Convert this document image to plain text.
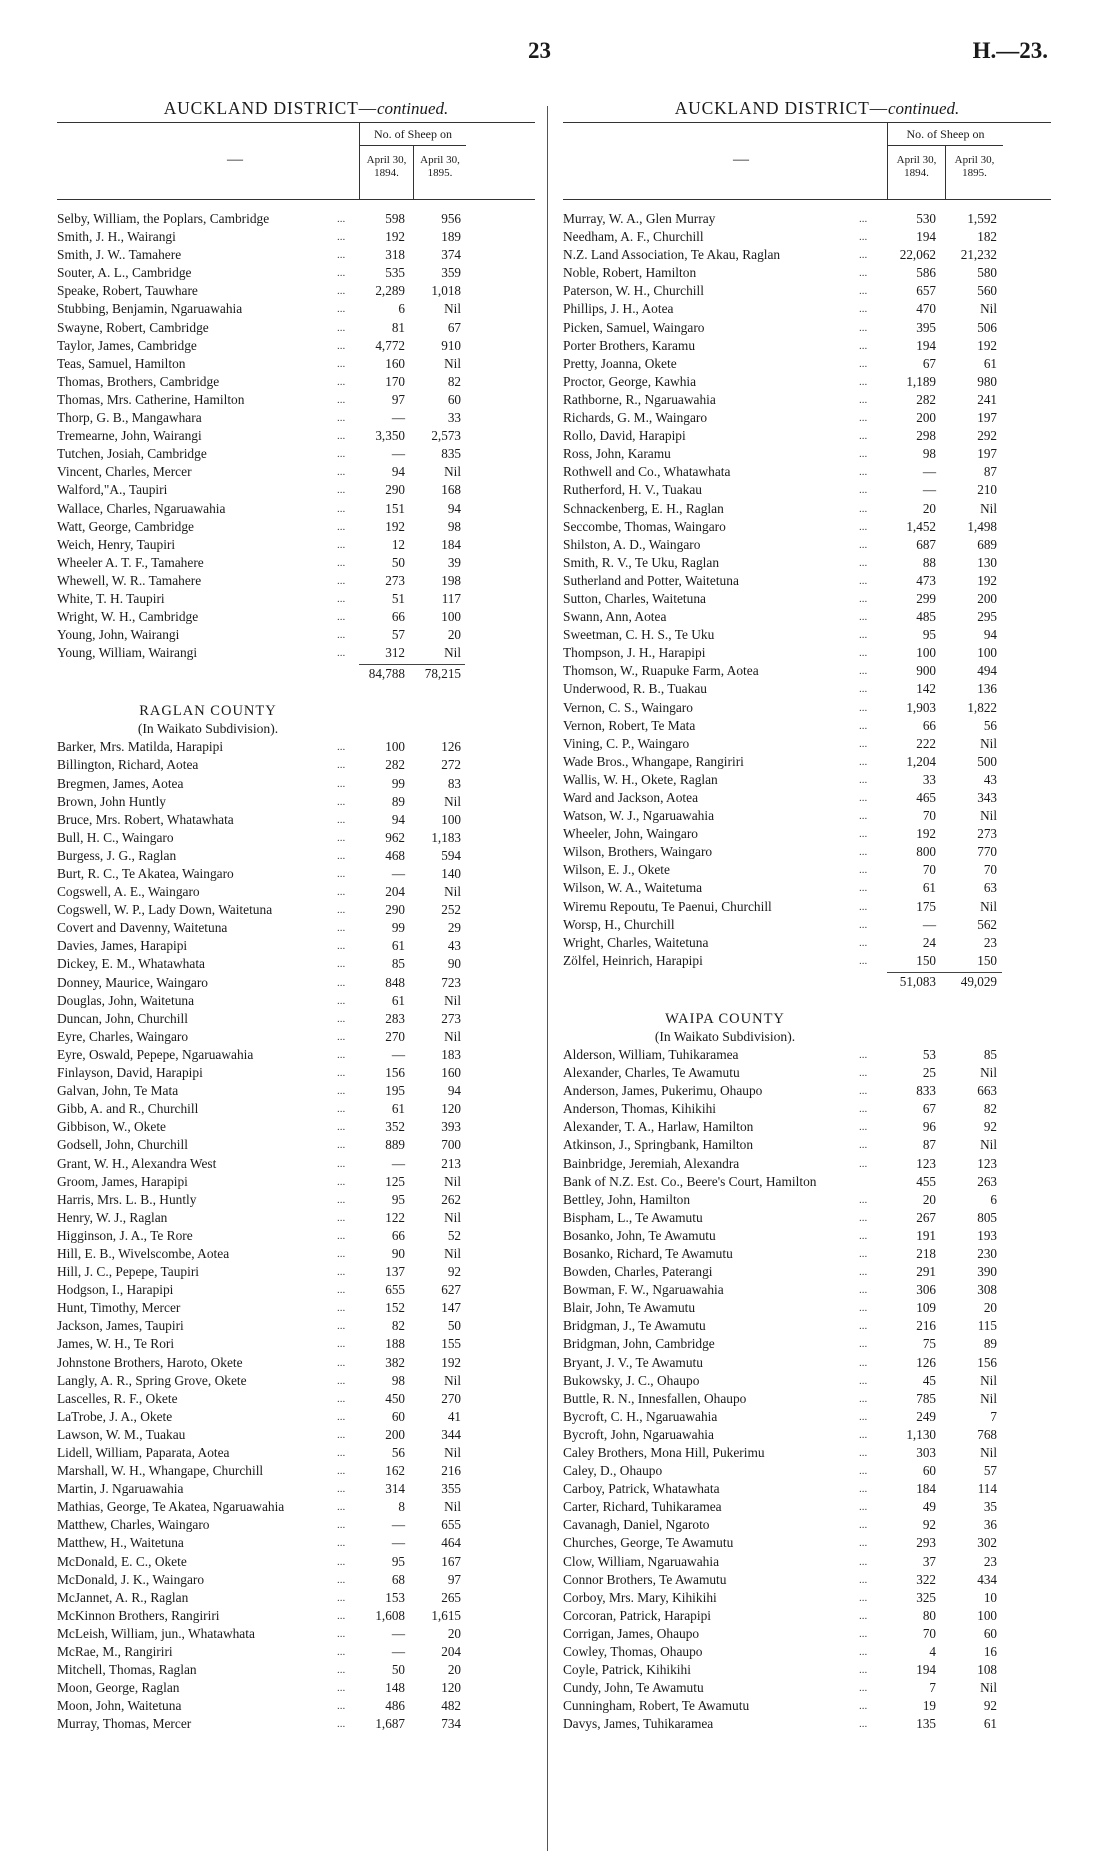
23	H.—23.
AUCKLAND DISTRICT—continued.
—
No. of Sheep on
April 30, 1894.
April 30, 1895.
Selby, William, the Poplars, Cambridge	...	598	956
Smith, J. H., Wairangi	...	192	189
Smith, J. W.. Tamahere	...	318	374
Souter, A. L., Cambridge	...	535	359
Speake, Robert, Tauwhare	...	2,289	1,018
Stubbing, Benjamin, Ngaruawahia	...	6	Nil
Swayne, Robert, Cambridge	...	81	67
Taylor, James, Cambridge	...	4,772	910
Teas, Samuel, Hamilton	...	160	Nil
Thomas, Brothers, Cambridge	...	170	82
Thomas, Mrs. Catherine, Hamilton	...	97	60
Thorp, G. B., Mangawhara	...	—	33
Tremearne, John, Wairangi	...	3,350	2,573
Tutchen, Josiah, Cambridge	...	—	835
Vincent, Charles, Mercer	...	94	Nil
Walford,"A., Taupiri	...	290	168
Wallace, Charles, Ngaruawahia	...	151	94
Watt, George, Cambridge	...	192	98
Weich, Henry, Taupiri	...	12	184
Wheeler A. T. F., Tamahere	...	50	39
Whewell, W. R.. Tamahere	...	273	198
White, T. H. Taupiri	...	51	117
Wright, W. H., Cambridge	...	66	100
Young, John, Wairangi	...	57	20
Young, William, Wairangi	...	312	Nil
84,788	78,215
RAGLAN COUNTY
(In Waikato Subdivision).
Barker, Mrs. Matilda, Harapipi	...	100	126
Billington, Richard, Aotea	...	282	272
Bregmen, James, Aotea	...	99	83
Brown, John Huntly	...	89	Nil
Bruce, Mrs. Robert, Whatawhata	...	94	100
Bull, H. C., Waingaro	...	962	1,183
Burgess, J. G., Raglan	...	468	594
Burt, R. C., Te Akatea, Waingaro	...	—	140
Cogswell, A. E., Waingaro	...	204	Nil
Cogswell, W. P., Lady Down, Waitetuna	...	290	252
Covert and Davenny, Waitetuna	...	99	29
Davies, James, Harapipi	...	61	43
Dickey, E. M., Whatawhata	...	85	90
Donney, Maurice, Waingaro	...	848	723
Douglas, John, Waitetuna	...	61	Nil
Duncan, John, Churchill	...	283	273
Eyre, Charles, Waingaro	...	270	Nil
Eyre, Oswald, Pepepe, Ngaruawahia	...	—	183
Finlayson, David, Harapipi	...	156	160
Galvan, John, Te Mata	...	195	94
Gibb, A. and R., Churchill	...	61	120
Gibbison, W., Okete	...	352	393
Godsell, John, Churchill	...	889	700
Grant, W. H., Alexandra West	...	—	213
Groom, James, Harapipi	...	125	Nil
Harris, Mrs. L. B., Huntly	...	95	262
Henry, W. J., Raglan	...	122	Nil
Higginson, J. A., Te Rore	...	66	52
Hill, E. B., Wivelscombe, Aotea	...	90	Nil
Hill, J. C., Pepepe, Taupiri	...	137	92
Hodgson, I., Harapipi	...	655	627
Hunt, Timothy, Mercer	...	152	147
Jackson, James, Taupiri	...	82	50
James, W. H., Te Rori	...	188	155
Johnstone Brothers, Haroto, Okete	...	382	192
Langly, A. R., Spring Grove, Okete	...	98	Nil
Lascelles, R. F., Okete	...	450	270
LaTrobe, J. A., Okete	...	60	41
Lawson, W. M., Tuakau	...	200	344
Lidell, William, Paparata, Aotea	...	56	Nil
Marshall, W. H., Whangape, Churchill	...	162	216
Martin, J. Ngaruawahia	...	314	355
Mathias, George, Te Akatea, Ngaruawahia	...	8	Nil
Matthew, Charles, Waingaro	...	—	655
Matthew, H., Waitetuna	...	—	464
McDonald, E. C., Okete	...	95	167
McDonald, J. K., Waingaro	...	68	97
McJannet, A. R., Raglan	...	153	265
McKinnon Brothers, Rangiriri	...	1,608	1,615
McLeish, William, jun., Whatawhata	...	—	20
McRae, M., Rangiriri	...	—	204
Mitchell, Thomas, Raglan	...	50	20
Moon, George, Raglan	...	148	120
Moon, John, Waitetuna	...	486	482
Murray, Thomas, Mercer	...	1,687	734
AUCKLAND DISTRICT—continued.
—
No. of Sheep on
April 30, 1894.
April 30, 1895.
Murray, W. A., Glen Murray	...	530	1,592
Needham, A. F., Churchill	...	194	182
N.Z. Land Association, Te Akau, Raglan	...	22,062	21,232
Noble, Robert, Hamilton	...	586	580
Paterson, W. H., Churchill	...	657	560
Phillips, J. H., Aotea	...	470	Nil
Picken, Samuel, Waingaro	...	395	506
Porter Brothers, Karamu	...	194	192
Pretty, Joanna, Okete	...	67	61
Proctor, George, Kawhia	...	1,189	980
Rathborne, R., Ngaruawahia	...	282	241
Richards, G. M., Waingaro	...	200	197
Rollo, David, Harapipi	...	298	292
Ross, John, Karamu	...	98	197
Rothwell and Co., Whatawhata	...	—	87
Rutherford, H. V., Tuakau	...	—	210
Schnackenberg, E. H., Raglan	...	20	Nil
Seccombe, Thomas, Waingaro	...	1,452	1,498
Shilston, A. D., Waingaro	...	687	689
Smith, R. V., Te Uku, Raglan	...	88	130
Sutherland and Potter, Waitetuna	...	473	192
Sutton, Charles, Waitetuna	...	299	200
Swann, Ann, Aotea	...	485	295
Sweetman, C. H. S., Te Uku	...	95	94
Thompson, J. H., Harapipi	...	100	100
Thomson, W., Ruapuke Farm, Aotea	...	900	494
Underwood, R. B., Tuakau	...	142	136
Vernon, C. S., Waingaro	...	1,903	1,822
Vernon, Robert, Te Mata	...	66	56
Vining, C. P., Waingaro	...	222	Nil
Wade Bros., Whangape, Rangiriri	...	1,204	500
Wallis, W. H., Okete, Raglan	...	33	43
Ward and Jackson, Aotea	...	465	343
Watson, W. J., Ngaruawahia	...	70	Nil
Wheeler, John, Waingaro	...	192	273
Wilson, Brothers, Waingaro	...	800	770
Wilson, E. J., Okete	...	70	70
Wilson, W. A., Waitetuma	...	61	63
Wiremu Repoutu, Te Paenui, Churchill	...	175	Nil
Worsp, H., Churchill	...	—	562
Wright, Charles, Waitetuna	...	24	23
Zölfel, Heinrich, Harapipi	...	150	150
51,083	49,029
WAIPA COUNTY
(In Waikato Subdivision).
Alderson, William, Tuhikaramea	...	53	85
Alexander, Charles, Te Awamutu	...	25	Nil
Anderson, James, Pukerimu, Ohaupo	...	833	663
Anderson, Thomas, Kihikihi	...	67	82
Alexander, T. A., Harlaw, Hamilton	...	96	92
Atkinson, J., Springbank, Hamilton	...	87	Nil
Bainbridge, Jeremiah, Alexandra	...	123	123
Bank of N.Z. Est. Co., Beere's Court, Hamilton	455	263
Bettley, John, Hamilton	...	20	6
Bispham, L., Te Awamutu	...	267	805
Bosanko, John, Te Awamutu	...	191	193
Bosanko, Richard, Te Awamutu	...	218	230
Bowden, Charles, Paterangi	...	291	390
Bowman, F. W., Ngaruawahia	...	306	308
Blair, John, Te Awamutu	...	109	20
Bridgman, J., Te Awamutu	...	216	115
Bridgman, John, Cambridge	...	75	89
Bryant, J. V., Te Awamutu	...	126	156
Bukowsky, J. C., Ohaupo	...	45	Nil
Buttle, R. N., Innesfallen, Ohaupo	...	785	Nil
Bycroft, C. H., Ngaruawahia	...	249	7
Bycroft, John, Ngaruawahia	...	1,130	768
Caley Brothers, Mona Hill, Pukerimu	...	303	Nil
Caley, D., Ohaupo	...	60	57
Carboy, Patrick, Whatawhata	...	184	114
Carter, Richard, Tuhikaramea	...	49	35
Cavanagh, Daniel, Ngaroto	...	92	36
Churches, George, Te Awamutu	...	293	302
Clow, William, Ngaruawahia	...	37	23
Connor Brothers, Te Awamutu	...	322	434
Corboy, Mrs. Mary, Kihikihi	...	325	10
Corcoran, Patrick, Harapipi	...	80	100
Corrigan, James, Ohaupo	...	70	60
Cowley, Thomas, Ohaupo	...	4	16
Coyle, Patrick, Kihikihi	...	194	108
Cundy, John, Te Awamutu	...	7	Nil
Cunningham, Robert, Te Awamutu	...	19	92
Davys, James, Tuhikaramea	...	135	61
